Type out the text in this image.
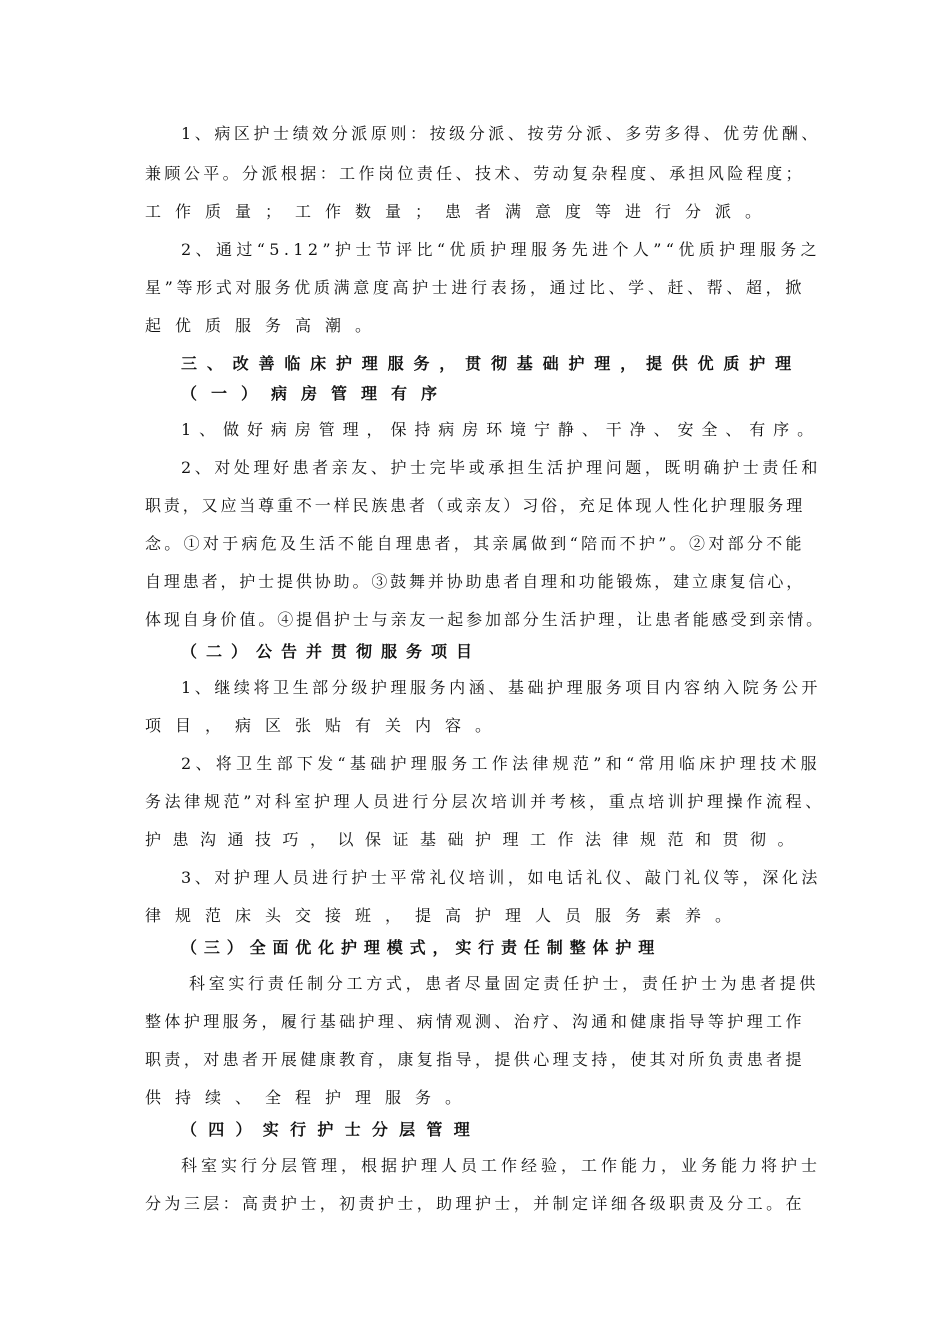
1、病区护士绩效分派原则：按级分派、按劳分派、多劳多得、优劳优酬、
兼顾公平。分派根据：工作岗位责任、技术、劳动复杂程度、承担风险程度；
工作质量；工作数量；患者满意度等进行分派。
2、通过“5.12”护士节评比“优质护理服务先进个人”“优质护理服务之
星”等形式对服务优质满意度高护士进行表扬，通过比、学、赶、帮、超，掀
起优质服务高潮。
三、改善临床护理服务，贯彻基础护理，提供优质护理
（一）病房管理有序
1、做好病房管理，保持病房环境宁静、干净、安全、有序。
2、对处理好患者亲友、护士完毕或承担生活护理问题，既明确护士责任和
职责，又应当尊重不一样民族患者（或亲友）习俗，充足体现人性化护理服务理
念。①对于病危及生活不能自理患者，其亲属做到“陪而不护”。②对部分不能
自理患者，护士提供协助。③鼓舞并协助患者自理和功能锻炼，建立康复信心，
体现自身价值。④提倡护士与亲友一起参加部分生活护理，让患者能感受到亲情。
（二）公告并贯彻服务项目
1、继续将卫生部分级护理服务内涵、基础护理服务项目内容纳入院务公开
项目，病区张贴有关内容。
2、将卫生部下发“基础护理服务工作法律规范”和“常用临床护理技术服
务法律规范”对科室护理人员进行分层次培训并考核，重点培训护理操作流程、
护患沟通技巧，以保证基础护理工作法律规范和贯彻。
3、对护理人员进行护士平常礼仪培训，如电话礼仪、敲门礼仪等，深化法
律规范床头交接班，提高护理人员服务素养。
（三）全面优化护理模式，实行责任制整体护理
科室实行责任制分工方式，患者尽量固定责任护士，责任护士为患者提供
整体护理服务，履行基础护理、病情观测、治疗、沟通和健康指导等护理工作
职责，对患者开展健康教育，康复指导，提供心理支持，使其对所负责患者提
供持续、全程护理服务。
（四）实行护士分层管理
科室实行分层管理，根据护理人员工作经验，工作能力，业务能力将护士
分为三层：高责护士，初责护士，助理护士，并制定详细各级职责及分工。在
